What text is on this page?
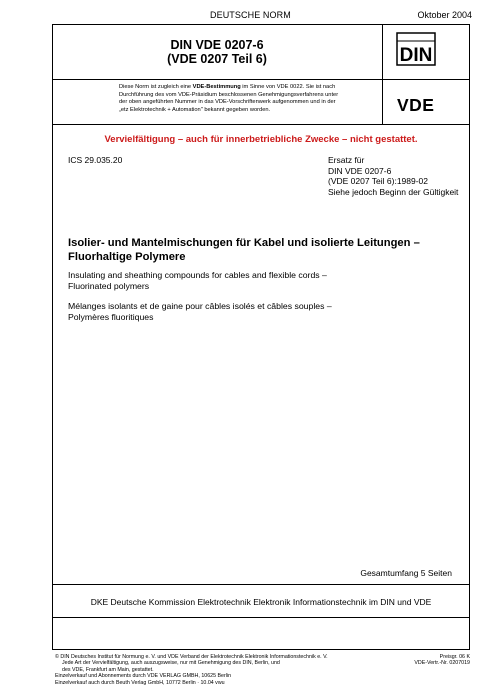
DEUTSCHE NORM	Oktober 2004
DIN VDE 0207-6
(VDE 0207 Teil 6)	DIN
Diese Norm ist zugleich eine VDE-Bestimmung im Sinne von VDE 0022. Sie ist nach
Durchführung des vom VDE-Präsidium beschlossenen Genehmigungsverfahrens unter
der oben angeführten Nummer in das VDE-Vorschriftenwerk aufgenommen und in der
„etz Elektrotechnik + Automation" bekannt gegeben worden.	VDE
Vervielfältigung – auch für innerbetriebliche Zwecke – nicht gestattet.
ICS 29.035.20	Ersatz für
DIN VDE 0207-6
(VDE 0207 Teil 6):1989-02
Siehe jedoch Beginn der Gültigkeit
Isolier- und Mantelmischungen für Kabel und isolierte Leitungen –
Fluorhaltige Polymere
Insulating and sheathing compounds for cables and flexible cords –
Fluorinated polymers
Mélanges isolants et de gaine pour câbles isolés et câbles souples –
Polymères fluoritiques
Gesamtumfang 5 Seiten
DKE Deutsche Kommission Elektrotechnik Elektronik Informationstechnik im DIN und VDE
© DIN Deutsches Institut für Normung e. V. und VDE Verband der Elektrotechnik Elektronik Informationstechnik e. V.
Jede Art der Vervielfältigung, auch auszugsweise, nur mit Genehmigung des DIN, Berlin, und
des VDE, Frankfurt am Main, gestattet.
Einzelverkauf und Abonnements durch VDE VERLAG GMBH, 10625 Berlin
Einzelverkauf auch durch Beuth Verlag GmbH, 10772 Berlin · 10.04 vwu
Preisgr. 06 K
VDE-Vertr.-Nr. 0207019
